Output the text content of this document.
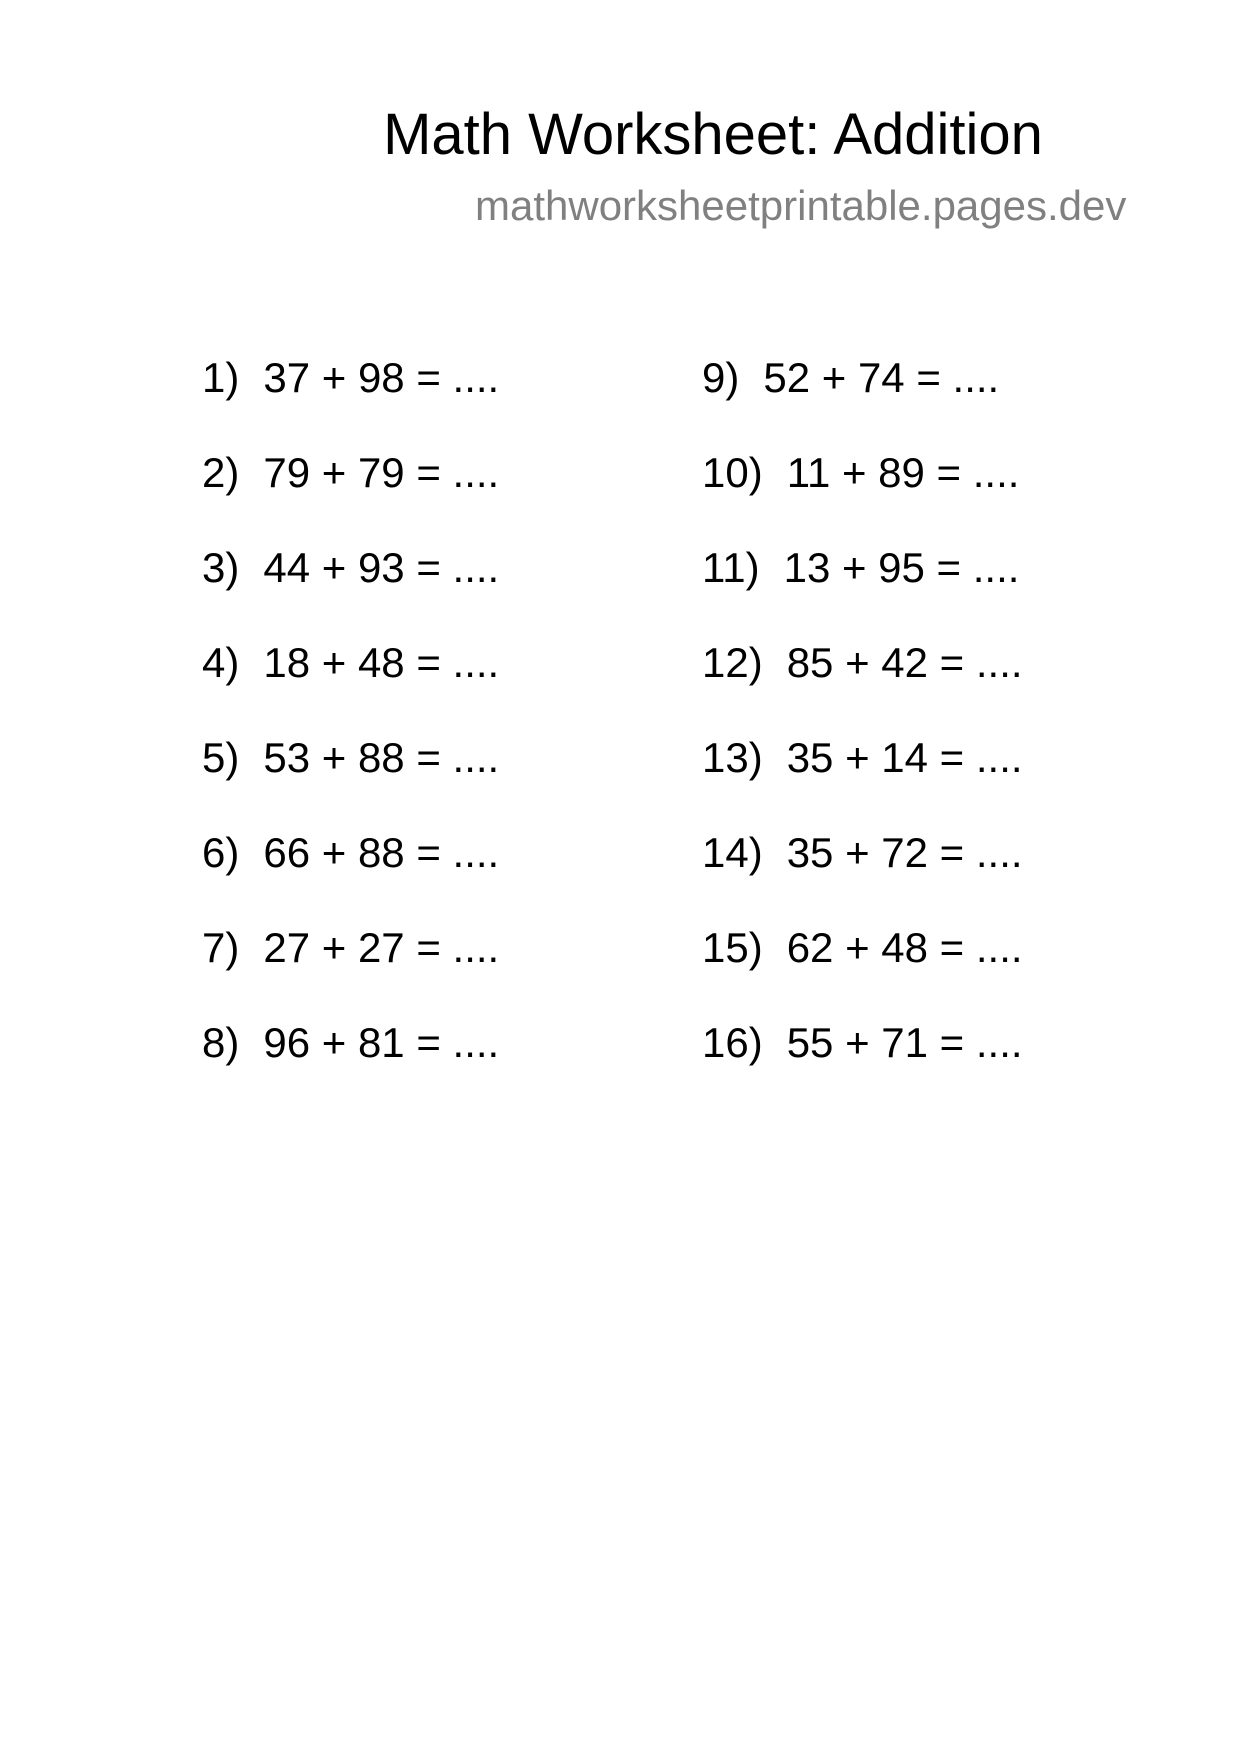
Math Worksheet: Addition
mathworksheetprintable.pages.dev
1) 37 + 98 = ....
2) 79 + 79 = ....
3) 44 + 93 = ....
4) 18 + 48 = ....
5) 53 + 88 = ....
6) 66 + 88 = ....
7) 27 + 27 = ....
8) 96 + 81 = ....
9) 52 + 74 = ....
10) 11 + 89 = ....
11) 13 + 95 = ....
12) 85 + 42 = ....
13) 35 + 14 = ....
14) 35 + 72 = ....
15) 62 + 48 = ....
16) 55 + 71 = ....
